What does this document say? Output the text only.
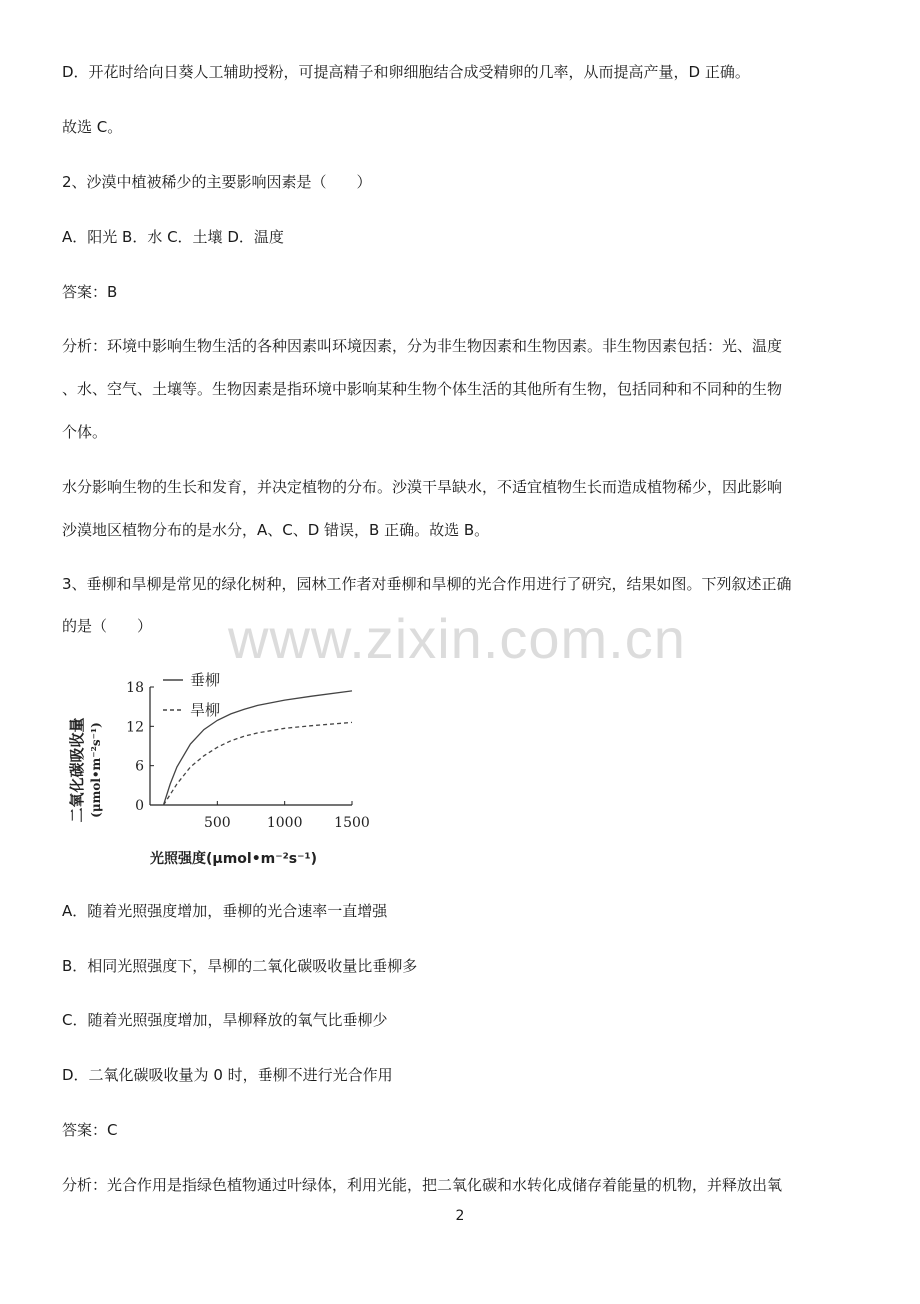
D．开花时给向日葵人工辅助授粉，可提高精子和卵细胞结合成受精卵的几率，从而提高产量，D 正确。
故选 C。
2、沙漠中植被稀少的主要影响因素是（　　）
A．阳光 B．水 C．土壤 D．温度
答案：B
分析：环境中影响生物生活的各种因素叫环境因素，分为非生物因素和生物因素。非生物因素包括：光、温度
、水、空气、土壤等。生物因素是指环境中影响某种生物个体生活的其他所有生物，包括同种和不同种的生物
个体。
水分影响生物的生长和发育，并决定植物的分布。沙漠干旱缺水，不适宜植物生长而造成植物稀少，因此影响
沙漠地区植物分布的是水分，A、C、D 错误，B 正确。故选 B。
3、垂柳和旱柳是常见的绿化树种，园林工作者对垂柳和旱柳的光合作用进行了研究，结果如图。下列叙述正确
的是（　　） www.zixin.com.cn
0
6
12
18
500	1000 1500
二氧化碳吸收量 (μmol•m⁻²s⁻¹)
垂柳
旱柳
光照强度(μmol•m⁻²s⁻¹)
A．随着光照强度增加，垂柳的光合速率一直增强
B．相同光照强度下，旱柳的二氧化碳吸收量比垂柳多
C．随着光照强度增加，旱柳释放的氧气比垂柳少
D．二氧化碳吸收量为 0 时，垂柳不进行光合作用
答案：C
分析：光合作用是指绿色植物通过叶绿体，利用光能，把二氧化碳和水转化成储存着能量的机物，并释放出氧
2
